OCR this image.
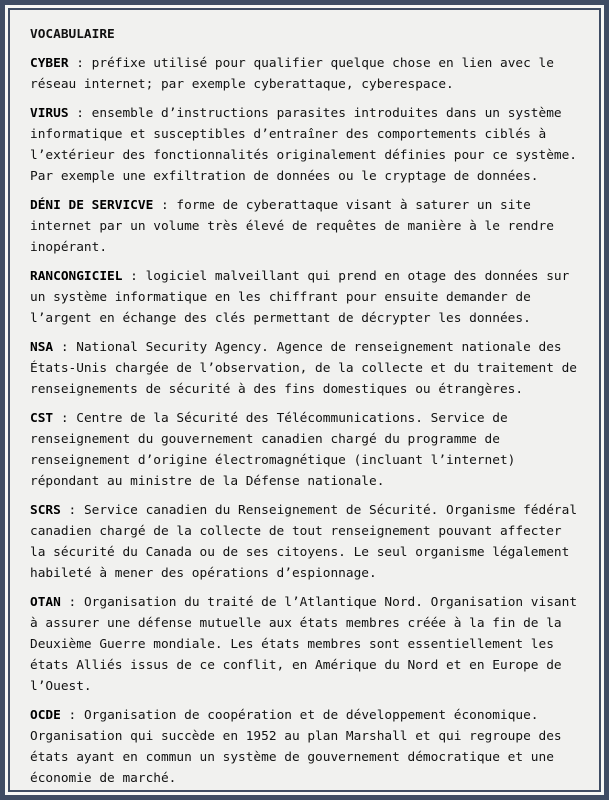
VOCABULAIRE

CYBER : préfixe utilisé pour qualifier quelque chose en lien avec le réseau internet; par exemple cyberattaque, cyberespace.

VIRUS : ensemble d’instructions parasites introduites dans un système informatique et susceptibles d’entraîner des comportements ciblés à l’extérieur des fonctionnalités originalement définies pour ce système. Par exemple une exfiltration de données ou le cryptage de données.

DÉNI DE SERVICVE : forme de cyberattaque visant à saturer un site internet par un volume très élevé de requêtes de manière à le rendre inopérant.

RANCONGICIEL : logiciel malveillant qui prend en otage des données sur un système informatique en les chiffrant pour ensuite demander de l’argent en échange des clés permettant de décrypter les données.

NSA : National Security Agency. Agence de renseignement nationale des États-Unis chargée de l’observation, de la collecte et du traitement de renseignements de sécurité à des fins domestiques ou étrangères.

CST : Centre de la Sécurité des Télécommunications. Service de renseignement du gouvernement canadien chargé du programme de renseignement d’origine électromagnétique (incluant l’internet) répondant au ministre de la Défense nationale.

SCRS : Service canadien du Renseignement de Sécurité. Organisme fédéral canadien chargé de la collecte de tout renseignement pouvant affecter la sécurité du Canada ou de ses citoyens. Le seul organisme légalement habileté à mener des opérations d’espionnage.

OTAN : Organisation du traité de l’Atlantique Nord. Organisation visant à assurer une défense mutuelle aux états membres créée à la fin de la Deuxième Guerre mondiale. Les états membres sont essentiellement les états Alliés issus de ce conflit, en Amérique du Nord et en Europe de l’Ouest.

OCDE : Organisation de coopération et de développement économique. Organisation qui succède en 1952 au plan Marshall et qui regroupe des états ayant en commun un système de gouvernement démocratique et une économie de marché.
